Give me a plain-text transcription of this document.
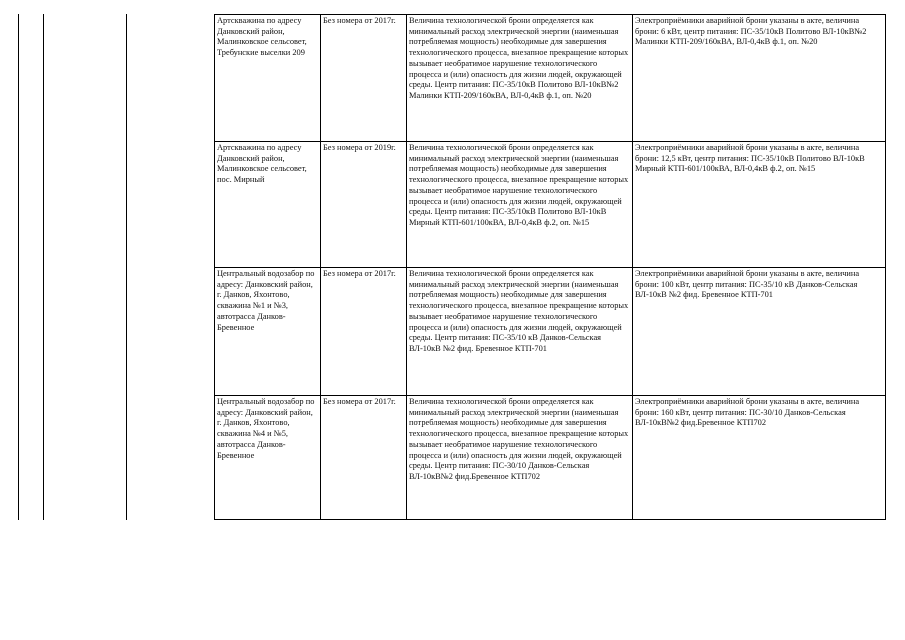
Артскважина по адресу Данковский район, Малинковское сельсовет, Требунские выселки 209	Без номера от 2017г.	Величина технологической брони определяется как минимальный расход электрической энергии (наименьшая потребляемая мощность) необходимые для завершения технологического процесса, внезапное прекращение которых вызывает необратимое нарушение технологического процесса и (или) опасность для жизни людей, окружающей среды. Центр питания: ПС-35/10кВ Политово ВЛ-10кВ№2 Малинки КТП-209/160кВА, ВЛ-0,4кВ ф.1, оп. №20	Электроприёмники аварийной брони указаны в акте, величина брони: 6 кВт, центр питания: ПС-35/10кВ Политово ВЛ-10кВ№2 Малинки КТП-209/160кВА, ВЛ-0,4кВ ф.1, оп. №20
Артскважина по адресу Данковский район, Малинковское сельсовет, пос. Мирный	Без номера от 2019г.	Величина технологической брони определяется как минимальный расход электрической энергии (наименьшая потребляемая мощность) необходимые для завершения технологического процесса, внезапное прекращение которых вызывает необратимое нарушение технологического процесса и (или) опасность для жизни людей, окружающей среды. Центр питания: ПС-35/10кВ Политово ВЛ-10кВ Мирный КТП-601/100кВА, ВЛ-0,4кВ ф.2, оп. №15	Электроприёмники аварийной брони указаны в акте, величина брони: 12,5 кВт, центр питания: ПС-35/10кВ Политово ВЛ-10кВ Мирный КТП-601/100кВА, ВЛ-0,4кВ ф.2, оп. №15
Центральный водозабор по адресу: Данковский район, г. Данков, Яхонтово, скважина №1 и №3, автотрасса Данков-Бревенное	Без номера от 2017г.	Величина технологической брони определяется как минимальный расход электрической энергии (наименьшая потребляемая мощность) необходимые для завершения технологического процесса, внезапное прекращение которых вызывает необратимое нарушение технологического процесса и (или) опасность для жизни людей, окружающей среды. Центр питания: ПС-35/10 кВ Данков-Сельская ВЛ-10кВ №2 фид. Бревенное КТП-701	Электроприёмники аварийной брони указаны в акте, величина брони: 100 кВт, центр питания: ПС-35/10 кВ Данков-Сельская ВЛ-10кВ №2 фид. Бревенное КТП-701
Центральный водозабор по адресу: Данковский район, г. Данков, Яхонтово, скважина №4 и №5, автотрасса Данков-Бревенное	Без номера от 2017г.	Величина технологической брони определяется как минимальный расход электрической энергии (наименьшая потребляемая мощность) необходимые для завершения технологического процесса, внезапное прекращение которых вызывает необратимое нарушение технологического процесса и (или) опасность для жизни людей, окружающей среды. Центр питания: ПС-30/10 Данков-Сельская ВЛ-10кВ№2 фид.Бревенное КТП702	Электроприёмники аварийной брони указаны в акте, величина брони: 160 кВт, центр питания: ПС-30/10 Данков-Сельская ВЛ-10кВ№2 фид.Бревенное КТП702
